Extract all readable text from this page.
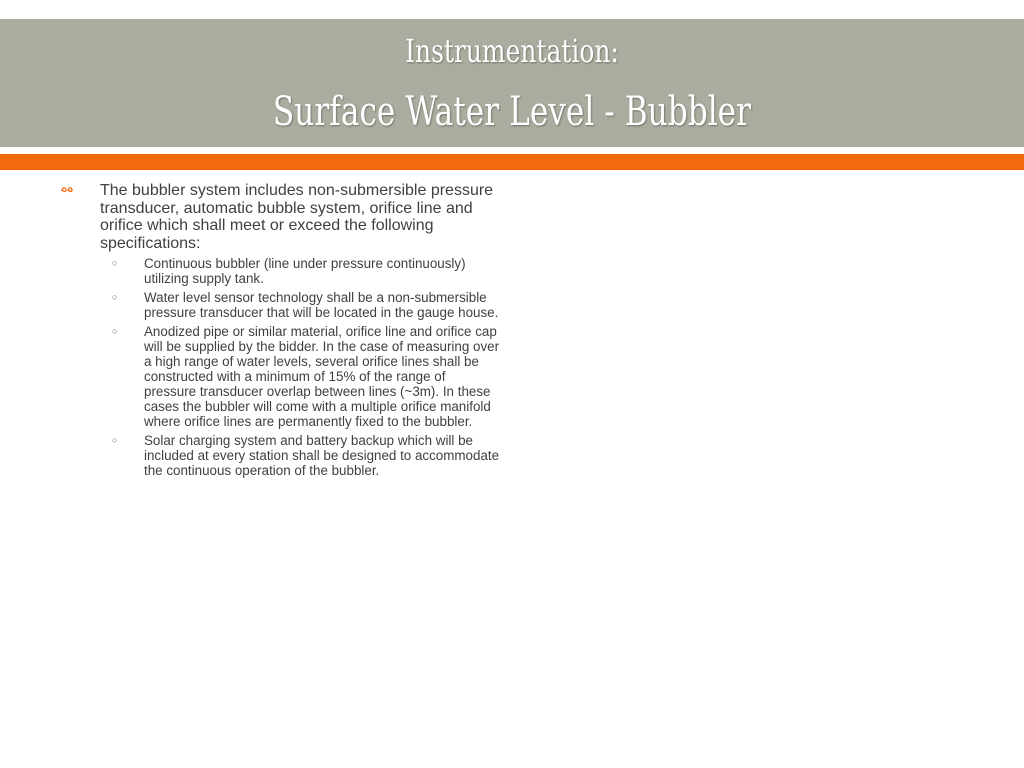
Instrumentation:
Surface Water Level - Bubbler
The bubbler system includes non-submersible pressure transducer, automatic bubble system, orifice line and orifice which shall meet or exceed the following specifications:
○ Continuous bubbler (line under pressure continuously) utilizing supply tank.
○ Water level sensor technology shall be a non-submersible pressure transducer that will be located in the gauge house.
○ Anodized pipe or similar material, orifice line and orifice cap will be supplied by the bidder. In the case of measuring over a high range of water levels, several orifice lines shall be constructed with a minimum of 15% of the range of pressure transducer overlap between lines (~3m). In these cases the bubbler will come with a multiple orifice manifold where orifice lines are permanently fixed to the bubbler.
○ Solar charging system and battery backup which will be included at every station shall be designed to accommodate the continuous operation of the bubbler.
